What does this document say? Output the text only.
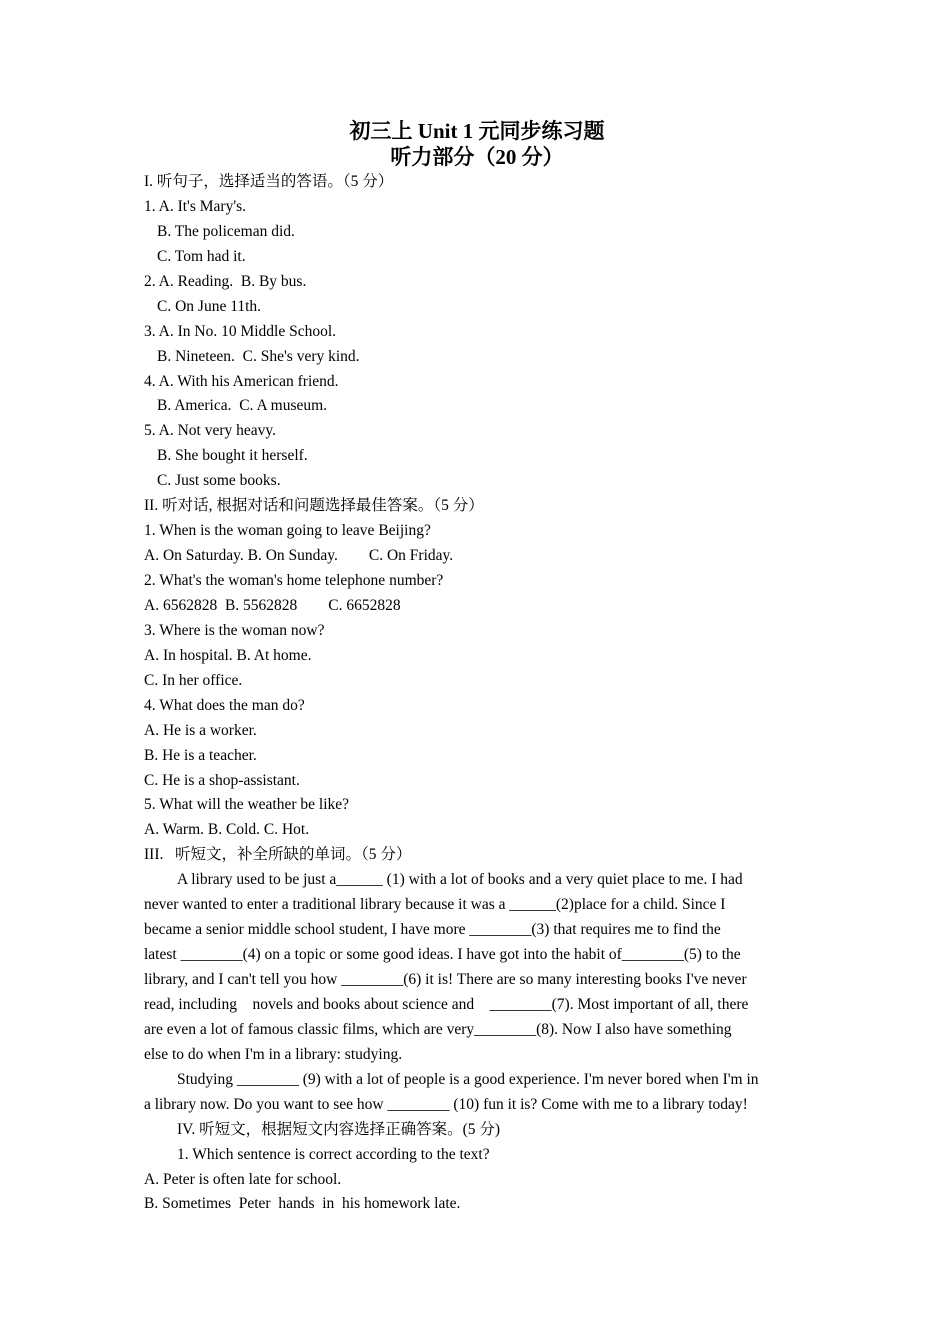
初三上 Unit 1 元同步练习题
听力部分（20 分）
I. 听句子，选择适当的答语。（5 分）
1. A. It's Mary's.
B. The policeman did.
C. Tom had it.
2. A. Reading.  B. By bus.
C. On June 11th.
3. A. In No. 10 Middle School.
B. Nineteen.  C. She's very kind.
4. A. With his American friend.
B. America.  C. A museum.
5. A. Not very heavy.
B. She bought it herself.
C. Just some books.
II. 听对话, 根据对话和问题选择最佳答案。（5 分）
1. When is the woman going to leave Beijing?
A. On Saturday. B. On Sunday.        C. On Friday.
2. What's the woman's home telephone number?
A. 6562828  B. 5562828        C. 6652828
3. Where is the woman now?
A. In hospital. B. At home.
C. In her office.
4. What does the man do?
A. He is a worker.
B. He is a teacher.
C. He is a shop-assistant.
5. What will the weather be like?
A. Warm. B. Cold. C. Hot.
III.   听短文，补全所缺的单词。（5 分）
A library used to be just a______ (1) with a lot of books and a very quiet place to me. I had
never wanted to enter a traditional library because it was a ______(2)place for a child. Since I
became a senior middle school student, I have more ________(3) that requires me to find the
latest ________(4) on a topic or some good ideas. I have got into the habit of________(5) to the
library, and I can't tell you how ________(6) it is! There are so many interesting books I've never
read, including    novels and books about science and    ________(7). Most important of all, there
are even a lot of famous classic films, which are very________(8). Now I also have something
else to do when I'm in a library: studying.
Studying ________ (9) with a lot of people is a good experience. I'm never bored when I'm in
a library now. Do you want to see how ________ (10) fun it is? Come with me to a library today!
IV. 听短文，根据短文内容选择正确答案。(5 分)
1. Which sentence is correct according to the text?
A. Peter is often late for school.
B. Sometimes  Peter  hands  in  his homework late.
